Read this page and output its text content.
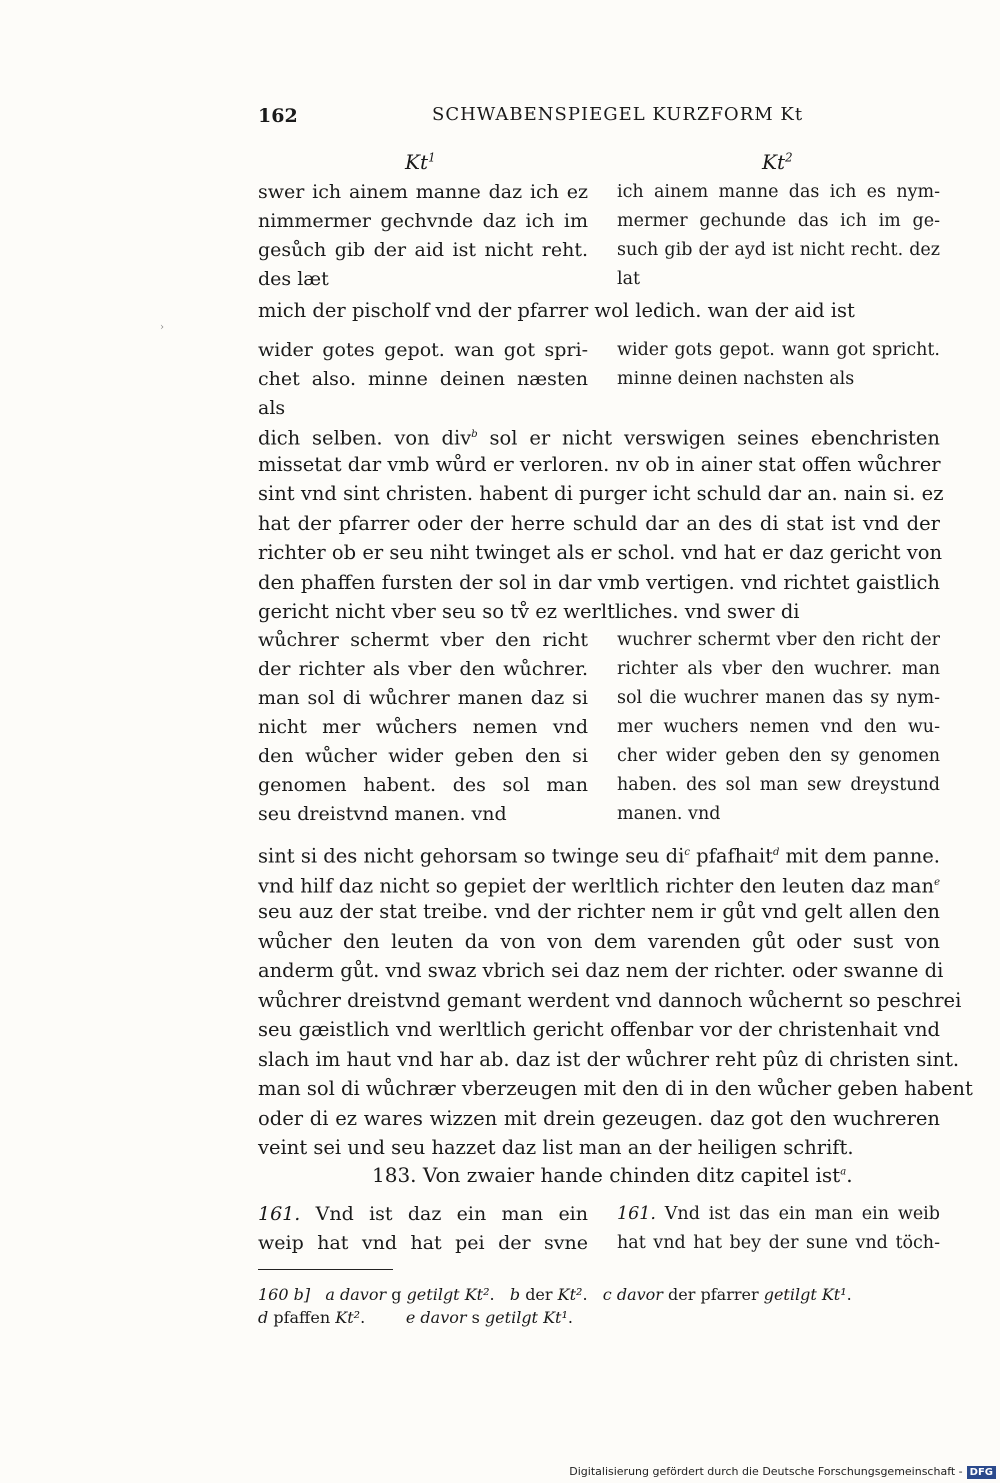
162	SCHWABENSPIEGEL KURZFORM Kt
Kt$^1$	Kt$^2$
swer ich ainem manne daz ich ez
nimmermer gechvnde daz ich im
gesůch gib der aid ist nicht reht.
des læt
ich ainem manne das ich es nym-
mermer gechunde das ich im ge-
such gib der ayd ist nicht recht. dez
lat
mich der pischolf vnd der pfarrer wol ledich. wan der aid ist
wider gotes gepot. wan got spri-
chet also. minne deinen næsten
als
wider gots gepot. wann got spricht.
minne deinen nachsten als
dich selben. von div$^b$ sol er nicht verswigen seines ebenchristen
missetat dar vmb wůrd er verloren. nv ob in ainer stat offen wůchrer
sint vnd sint christen. habent di purger icht schuld dar an. nain si. ez
hat der pfarrer oder der herre schuld dar an des di stat ist vnd der
richter ob er seu niht twinget als er schol. vnd hat er daz gericht von
den phaffen fursten der sol in dar vmb vertigen. vnd richtet gaistlich
gericht nicht vber seu so tv̊ ez werltliches. vnd swer di
wůchrer schermt vber den richt
der richter als vber den wůchrer.
man sol di wůchrer manen daz si
nicht mer wůchers nemen vnd
den wůcher wider geben den si
genomen habent. des sol man
seu dreistvnd manen. vnd
wuchrer schermt vber den richt der
richter als vber den wuchrer. man
sol die wuchrer manen das sy nym-
mer wuchers nemen vnd den wu-
cher wider geben den sy genomen
haben. des sol man sew dreystund
manen. vnd
sint si des nicht gehorsam so twinge seu di$^c$ pfafhait$^d$ mit dem panne.
vnd hilf daz nicht so gepiet der werltlich richter den leuten daz man$^e$
seu auz der stat treibe. vnd der richter nem ir gůt vnd gelt allen den
wůcher den leuten da von von dem varenden gůt oder sust von
anderm gůt. vnd swaz vbrich sei daz nem der richter. oder swanne di
wůchrer dreistvnd gemant werdent vnd dannoch wůchernt so peschrei
seu gæistlich vnd werltlich gericht offenbar vor der christenhait vnd
slach im haut vnd har ab. daz ist der wůchrer reht pûz di christen sint.
man sol di wůchrær vberzeugen mit den di in den wůcher geben habent
oder di ez wares wizzen mit drein gezeugen. daz got den wuchreren
veint sei und seu hazzet daz list man an der heiligen schrift.
183. Von zwaier hande chinden ditz capitel ist$^a$.
161. Vnd ist daz ein man ein
weip hat vnd hat pei der svne
161. Vnd ist das ein man ein weib
hat vnd hat bey der sune vnd töch-
160 b] a davor g getilgt Kt².   b der Kt².   c davor der pfarrer getilgt Kt¹.
d pfaffen Kt².        e davor s getilgt Kt¹.
›
Digitalisierung gefördert durch die Deutsche Forschungsgemeinschaft - DFG
